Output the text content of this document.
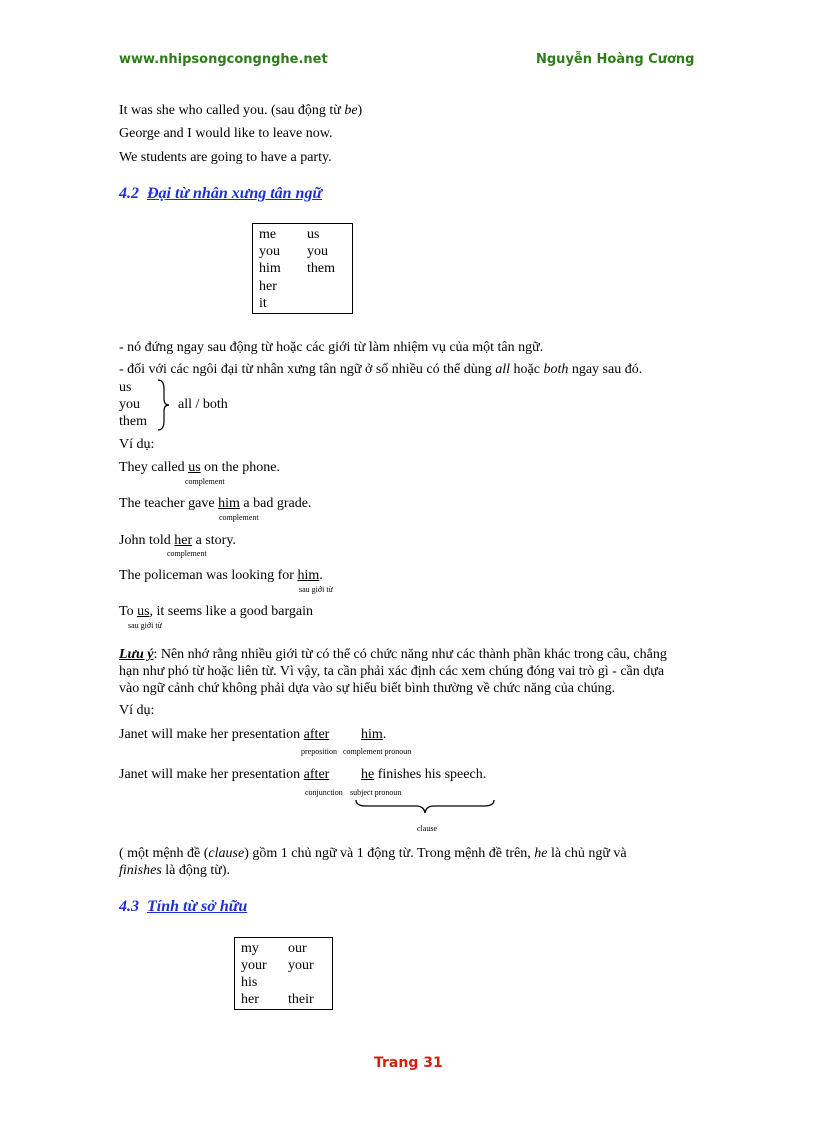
www.nhipsongcongnghe.net	Nguyễn Hoàng Cương
It was she who called you. (sau động từ be)
George and I would like to leave now.
We students are going to have a party.
4.2 Đại từ nhân xưng tân ngữ
me
you
him
her
it
us
you
them
- nó đứng ngay sau động từ hoặc các giới từ làm nhiệm vụ của một tân ngữ.
- đối với các ngôi đại từ nhân xưng tân ngữ ở số nhiều có thể dùng all hoặc both ngay sau đó.
us
you
them
all / both
Ví dụ:
They called us on the phone.
complement
The teacher gave him a bad grade.
complement
John told her a story.
complement
The policeman was looking for him.
sau giới từ
To us, it seems like a good bargain
sau giới từ
Lưu ý: Nên nhớ rằng nhiều giới từ có thể có chức năng như các thành phần khác trong câu, chẳng
hạn như phó từ hoặc liên từ. Vì vậy, ta cần phải xác định các xem chúng đóng vai trò gì - cần dựa
vào ngữ cảnh chứ không phải dựa vào sự hiểu biết bình thường về chức năng của chúng.
Ví dụ:
Janet will make her presentation after him.
preposition complement pronoun
Janet will make her presentation after he finishes his speech.
conjunction subject pronoun
clause
( một mệnh đề (clause) gồm 1 chủ ngữ và 1 động từ. Trong mệnh đề trên, he là chủ ngữ và
finishes là động từ).
4.3 Tính từ sở hữu
my
your
his
her
our
your
their
Trang 31
